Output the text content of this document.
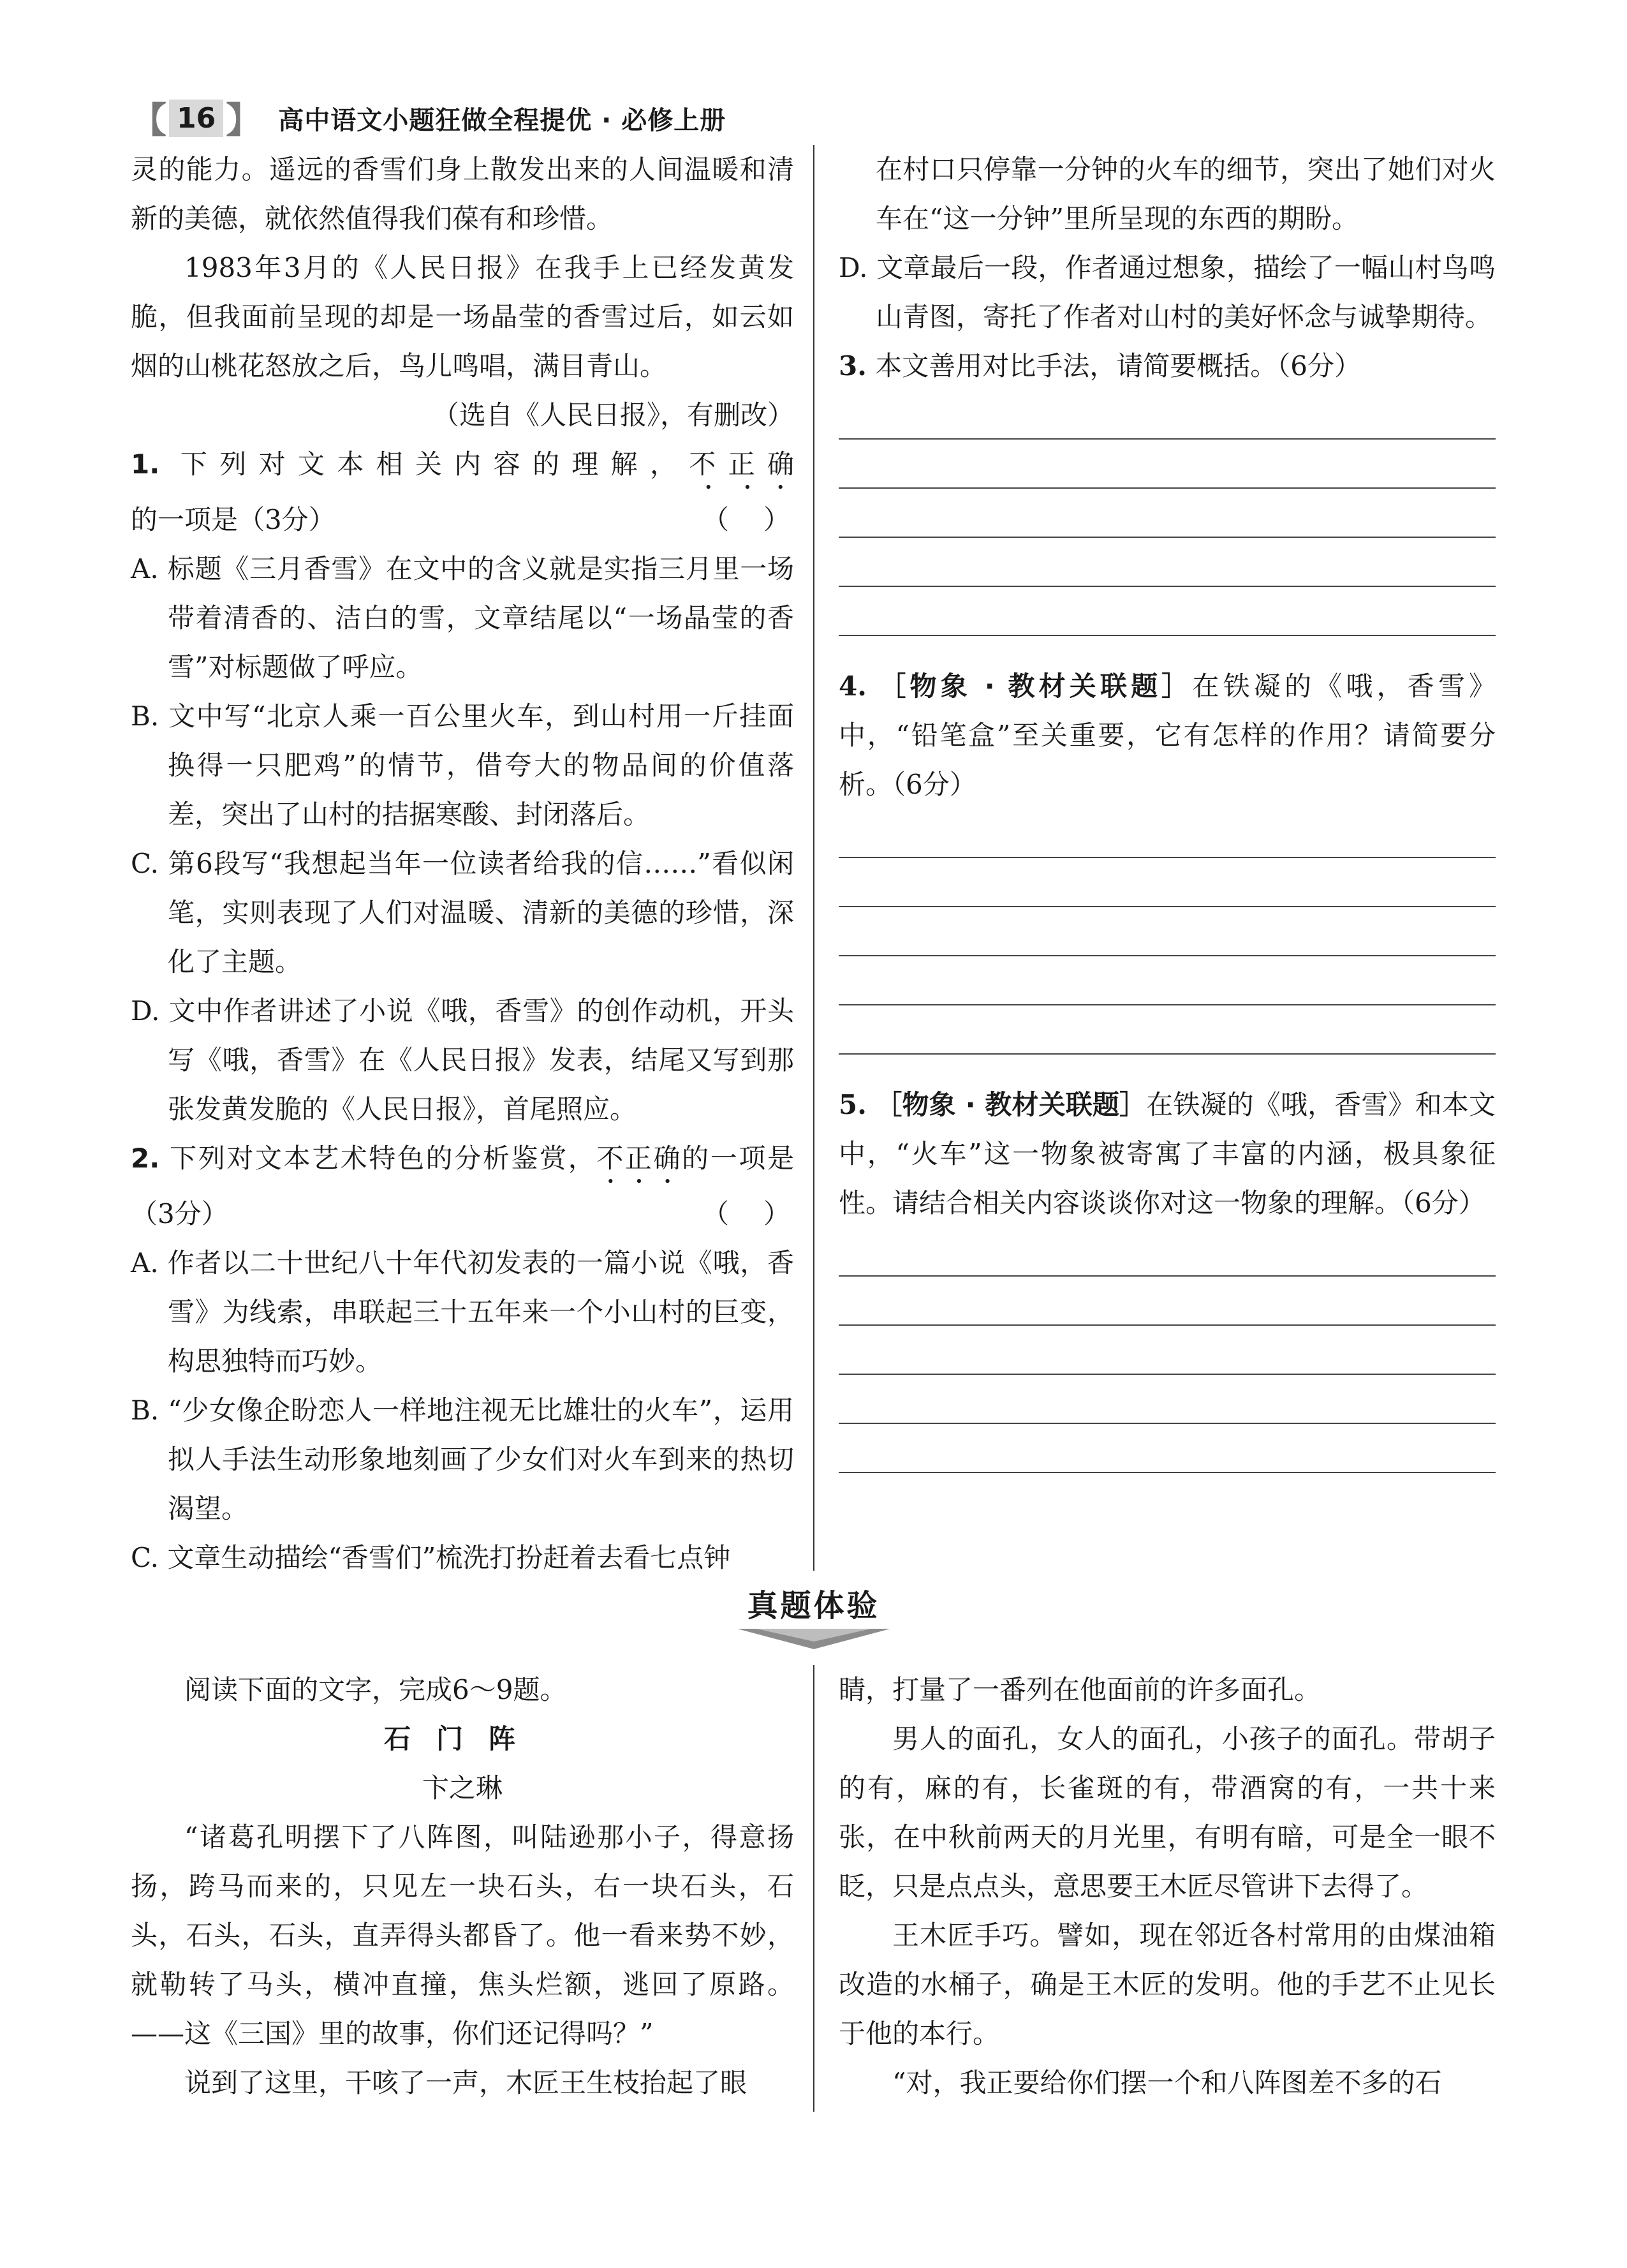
【 16 】 高中语文小题狂做全程提优 · 必修上册

灵的能力。遥远的香雪们身上散发出来的人间温暖和清新的美德，就依然值得我们葆有和珍惜。

1983年3月的《人民日报》在我手上已经发黄发脆，但我面前呈现的却是一场晶莹的香雪过后，如云如烟的山桃花怒放之后，鸟儿鸣唱，满目青山。

（选自《人民日报》，有删改）

1. 下列对文本相关内容的理解，不正确的一项是（3分）	（　）

A. 标题《三月香雪》在文中的含义就是实指三月里一场带着清香的、洁白的雪，文章结尾以“一场晶莹的香雪”对标题做了呼应。

B. 文中写“北京人乘一百公里火车，到山村用一斤挂面换得一只肥鸡”的情节，借夸大的物品间的价值落差，突出了山村的拮据寒酸、封闭落后。

C. 第6段写“我想起当年一位读者给我的信……”看似闲笔，实则表现了人们对温暖、清新的美德的珍惜，深化了主题。

D. 文中作者讲述了小说《哦，香雪》的创作动机，开头写《哦，香雪》在《人民日报》发表，结尾又写到那张发黄发脆的《人民日报》，首尾照应。

2. 下列对文本艺术特色的分析鉴赏，不正确的一项是（3分）	（　）

A. 作者以二十世纪八十年代初发表的一篇小说《哦，香雪》为线索，串联起三十五年来一个小山村的巨变，构思独特而巧妙。

B. “少女像企盼恋人一样地注视无比雄壮的火车”，运用拟人手法生动形象地刻画了少女们对火车到来的热切渴望。

C. 文章生动描绘“香雪们”梳洗打扮赶着去看七点钟

在村口只停靠一分钟的火车的细节，突出了她们对火车在“这一分钟”里所呈现的东西的期盼。

D. 文章最后一段，作者通过想象，描绘了一幅山村鸟鸣山青图，寄托了作者对山村的美好怀念与诚挚期待。

3. 本文善用对比手法，请简要概括。（6分）

4. ［物象 · 教材关联题］在铁凝的《哦，香雪》中，“铅笔盒”至关重要，它有怎样的作用？请简要分析。（6分）

5. ［物象 · 教材关联题］在铁凝的《哦，香雪》和本文中，“火车”这一物象被寄寓了丰富的内涵，极具象征性。请结合相关内容谈谈你对这一物象的理解。（6分）

真题体验

阅读下面的文字，完成6～9题。

石门阵

卞之琳

“诸葛孔明摆下了八阵图，叫陆逊那小子，得意扬扬，跨马而来的，只见左一块石头，右一块石头，石头，石头，石头，直弄得头都昏了。他一看来势不妙，就勒转了马头，横冲直撞，焦头烂额，逃回了原路。——这《三国》里的故事，你们还记得吗？”

说到了这里，干咳了一声，木匠王生枝抬起了眼

睛，打量了一番列在他面前的许多面孔。

男人的面孔，女人的面孔，小孩子的面孔。带胡子的有，麻的有，长雀斑的有，带酒窝的有，一共十来张，在中秋前两天的月光里，有明有暗，可是全一眼不眨，只是点点头，意思要王木匠尽管讲下去得了。

王木匠手巧。譬如，现在邻近各村常用的由煤油箱改造的水桶子，确是王木匠的发明。他的手艺不止见长于他的本行。

“对，我正要给你们摆一个和八阵图差不多的石
